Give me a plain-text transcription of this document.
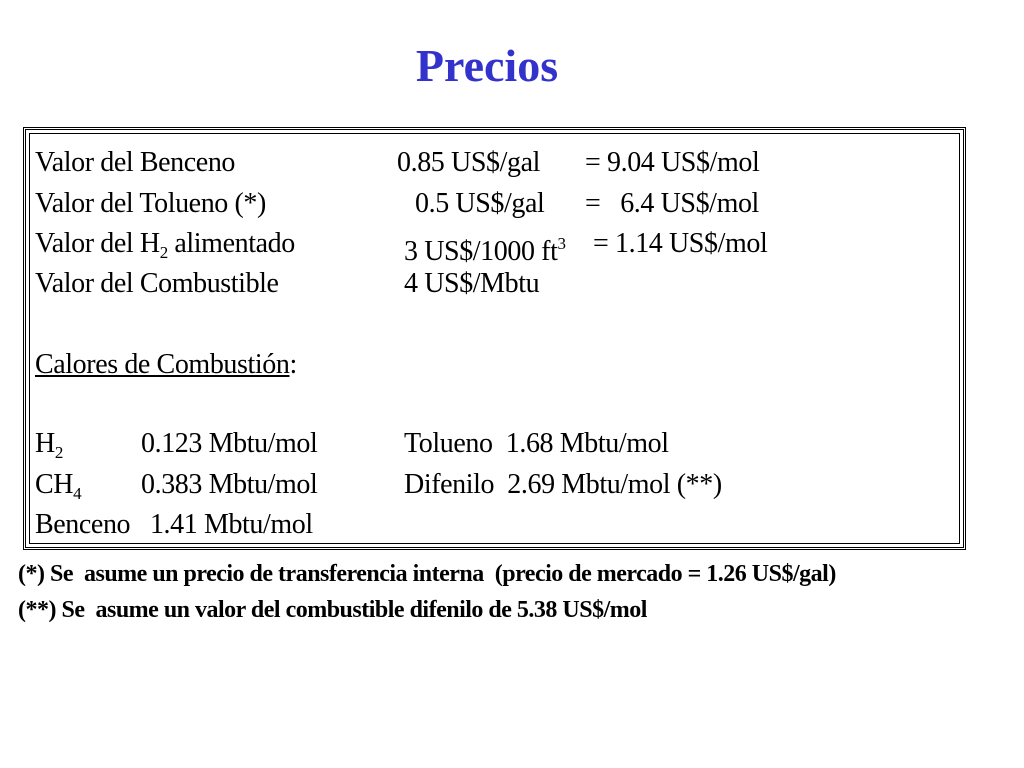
Precios
Valor del Benceno	0.85 US$/gal = 9.04 US$/mol
Valor del Tolueno (*)	0.5 US$/gal =   6.4 US$/mol
Valor del $H_2$ alimentado	3 US$/1000 $ft^3 = 1.14$ US$/mol
Valor del Combustible	4 US$/Mbtu
Calores de Combustión:
$H_2$	0.123 Mbtu/mol	Tolueno  1.68 Mbtu/mol
$CH_4$ 0.383 Mbtu/mol	Difenilo  2.69 Mbtu/mol (**)
Benceno   1.41 Mbtu/mol
(*) Se  asume un precio de transferencia interna  (precio de mercado = 1.26 US$/gal)
(**) Se  asume un valor del combustible difenilo de 5.38 US$/mol
